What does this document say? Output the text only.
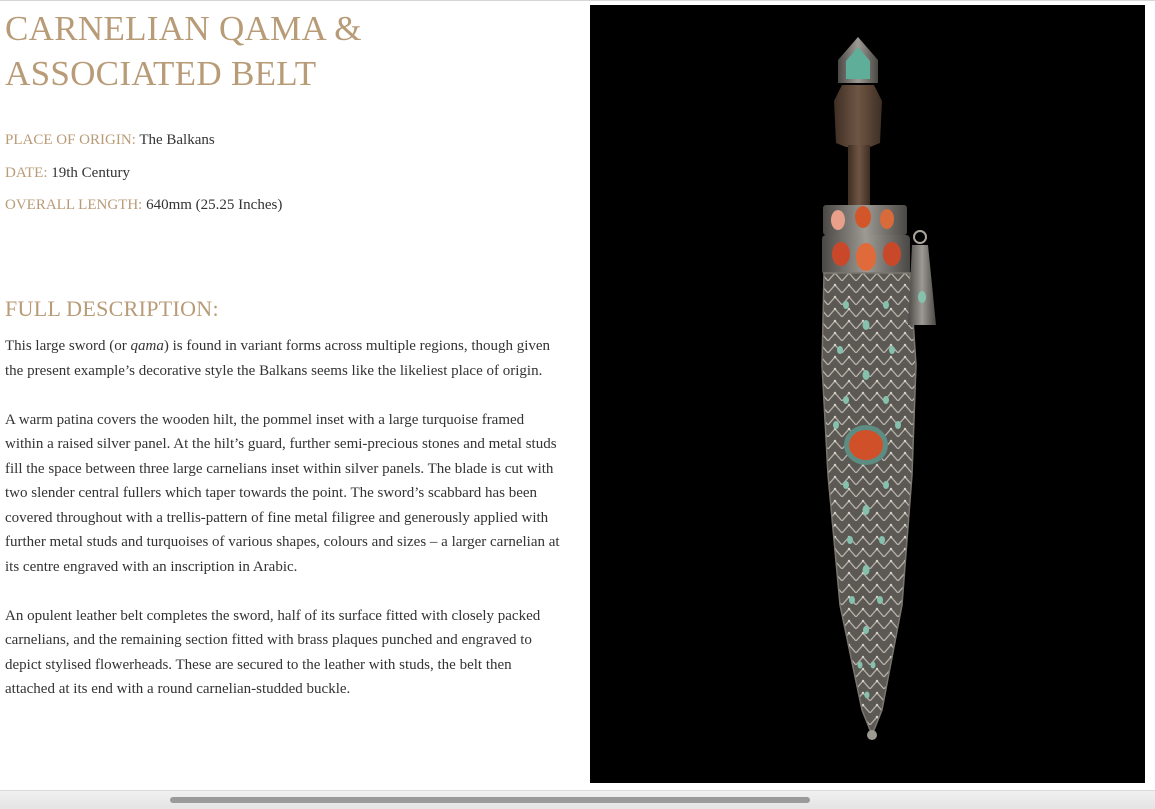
CARNELIAN QAMA &
ASSOCIATED BELT
PLACE OF ORIGIN: The Balkans
DATE: 19th Century
OVERALL LENGTH: 640mm (25.25 Inches)
FULL DESCRIPTION:

This large sword (or qama) is found in variant forms across multiple regions, though given the present example’s decorative style the Balkans seems like the likeliest place of origin.

A warm patina covers the wooden hilt, the pommel inset with a large turquoise framed within a raised silver panel. At the hilt’s guard, further semi-precious stones and metal studs fill the space between three large carnelians inset within silver panels. The blade is cut with two slender central fullers which taper towards the point. The sword’s scabbard has been covered throughout with a trellis-pattern of fine metal filigree and generously applied with further metal studs and turquoises of various shapes, colours and sizes – a larger carnelian at its centre engraved with an inscription in Arabic.

An opulent leather belt completes the sword, half of its surface fitted with closely packed carnelians, and the remaining section fitted with brass plaques punched and engraved to depict stylised flowerheads. These are secured to the leather with studs, the belt then attached at its end with a round carnelian-studded buckle.
